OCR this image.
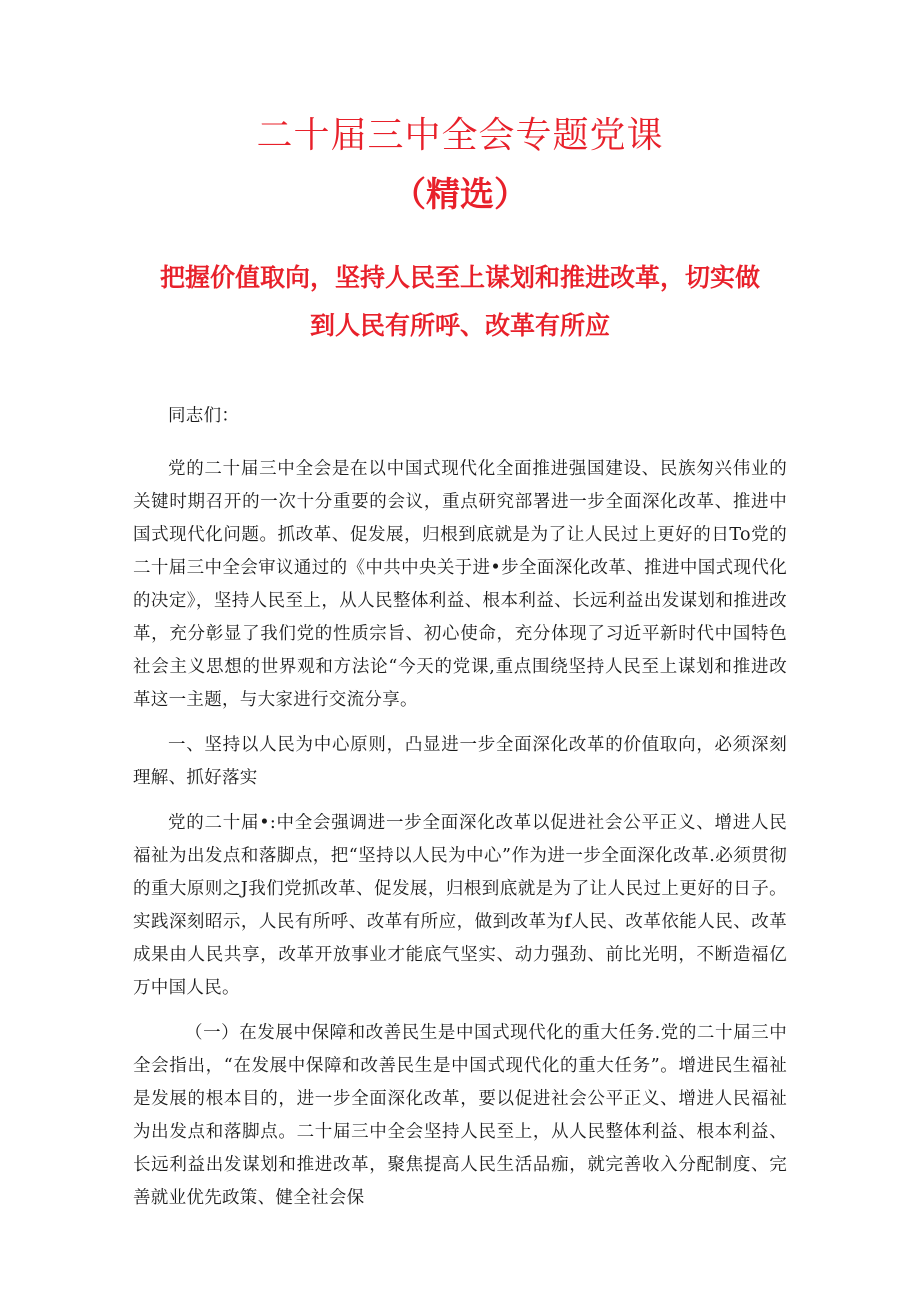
二十届三中全会专题党课
（精选）
把握价值取向，坚持人民至上谋划和推进改革，切实做到人民有所呼、改革有所应

同志们：

党的二十届三中全会是在以中国式现代化全面推进强国建设、民族匆兴伟业的关键时期召开的一次十分重要的会议，重点研究部署进一步全面深化改革、推进中国式现代化问题。抓改革、促发展，归根到底就是为了让人民过上更好的日To党的二十届三中全会审议通过的《中共中央关于进•步全面深化改革、推进中国式现代化的决定》，坚持人民至上，从人民整体利益、根本利益、长远利益出发谋划和推进改革，充分彰显了我们党的性质宗旨、初心使命，充分体现了习近平新时代中国特色社会主义思想的世界观和方法论“今天的党课,重点围绕坚持人民至上谋划和推进改革这一主题，与大家进行交流分享。

一、坚持以人民为中心原则，凸显进一步全面深化改革的价值取向，必须深刻理解、抓好落实

党的二十届•:中全会强调进一步全面深化改革以促进社会公平正义、增进人民福祉为出发点和落脚点，把“坚持以人民为中心”作为进一步全面深化改革.必须贯彻的重大原则之J我们党抓改革、促发展，归根到底就是为了让人民过上更好的日子。实践深刻昭示，人民有所呼、改革有所应，做到改革为f人民、改革依能人民、改革成果由人民共享，改革开放事业才能底气坚实、动力强劲、前比光明，不断造福亿万中国人民。

（一）在发展中保障和改善民生是中国式现代化的重大任务.党的二十届三中全会指出，“在发展中保障和改善民生是中国式现代化的重大任务”。增进民生福祉是发展的根本目的，进一步全面深化改革，要以促进社会公平正义、增进人民福祉为出发点和落脚点。二十届三中全会坚持人民至上，从人民整体利益、根本利益、长远利益出发谋划和推进改革，聚焦提高人民生活品痂，就完善收入分配制度、完善就业优先政策、健全社会保
